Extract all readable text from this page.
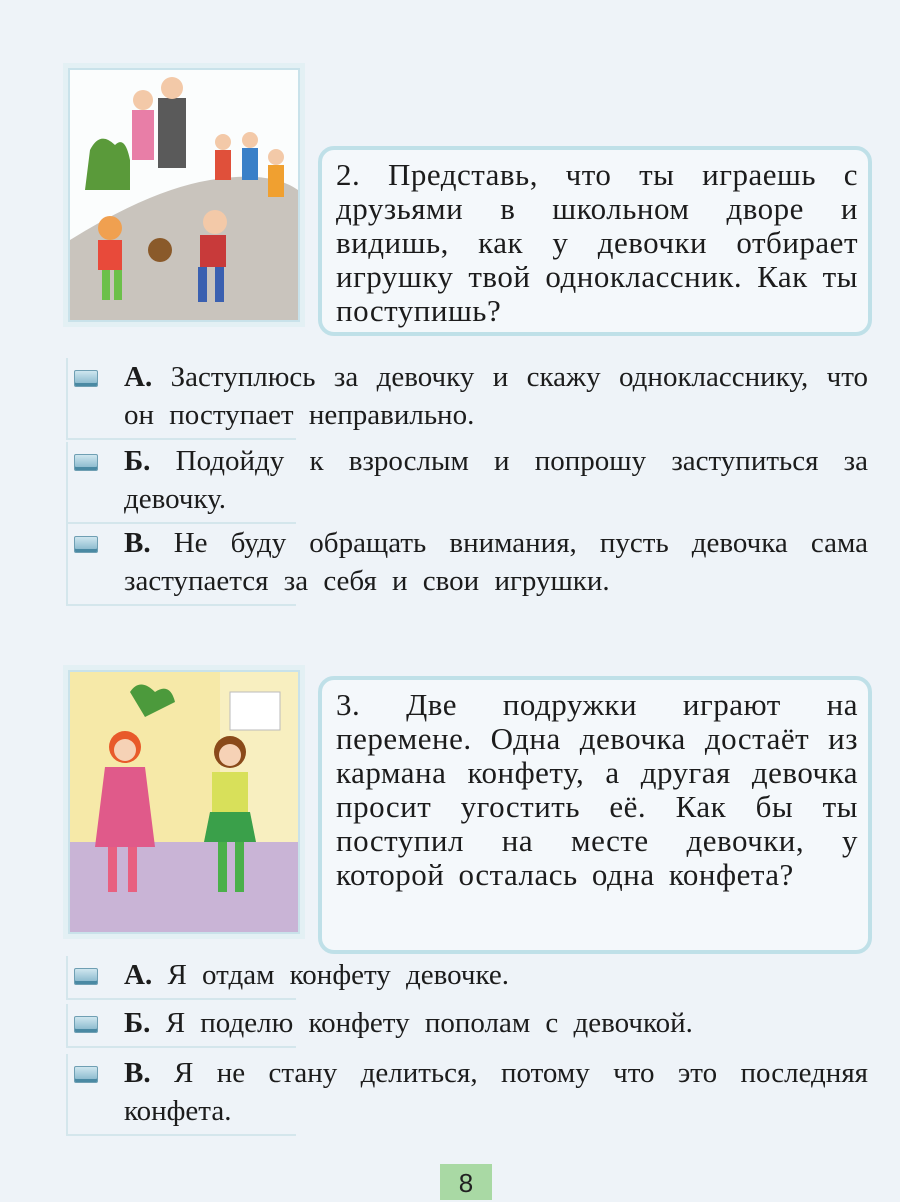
2. Представь, что ты играешь с друзьями в школьном дворе и видишь, как у девочки отбирает игрушку твой одноклассник. Как ты поступишь?
А. Заступлюсь за девочку и скажу однокласснику, что он поступает неправильно.
Б. Подойду к взрослым и попрошу заступиться за девочку.
В. Не буду обращать внимания, пусть девочка сама заступается за себя и свои игрушки.
3. Две подружки играют на перемене. Одна девочка достаёт из кармана конфету, а другая девочка просит угостить её. Как бы ты поступил на месте девочки, у которой осталась одна конфета?
А. Я отдам конфету девочке.
Б. Я поделю конфету пополам с девочкой.
В. Я не стану делиться, потому что это последняя конфета.
8
